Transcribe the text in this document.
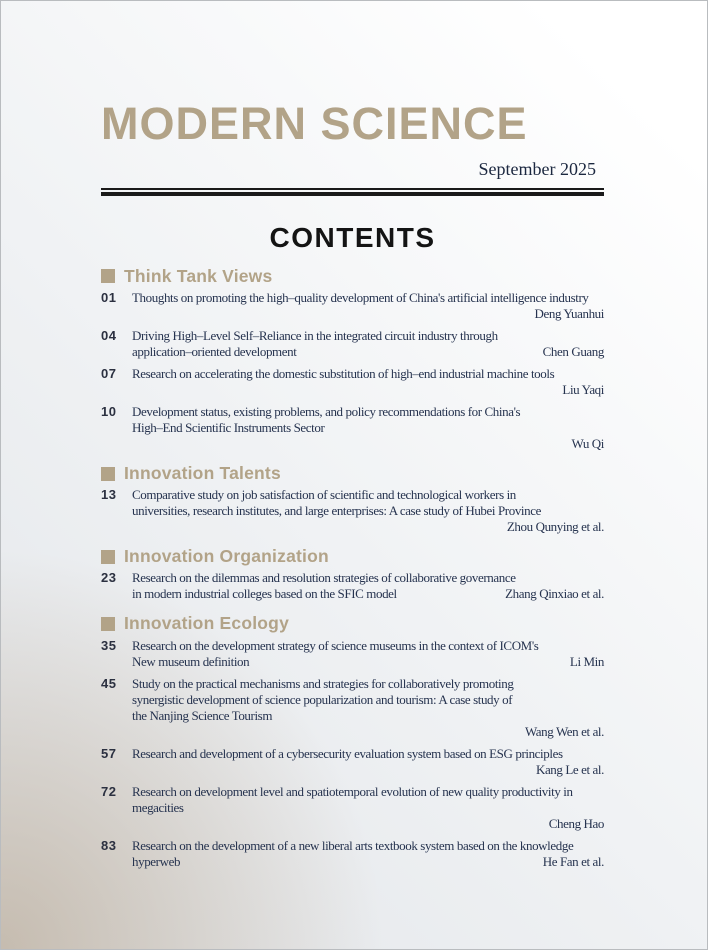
MODERN SCIENCE
September 2025
CONTENTS
Think Tank Views
01	Thoughts on promoting the high–quality development of China's artificial intelligence industry
Deng Yuanhui
04	Driving High–Level Self–Reliance in the integrated circuit industry through
application–oriented development	Chen Guang
07	Research on accelerating the domestic substitution of high–end industrial machine tools
Liu Yaqi
10	Development status, existing problems, and policy recommendations for China's
High–End Scientific Instruments Sector
Wu Qi
Innovation Talents
13	Comparative study on job satisfaction of scientific and technological workers in
universities, research institutes, and large enterprises: A case study of Hubei Province
Zhou Qunying et al.
Innovation Organization
23	Research on the dilemmas and resolution strategies of collaborative governance
in modern industrial colleges based on the SFIC model	Zhang Qinxiao et al.
Innovation Ecology
35	Research on the development strategy of science museums in the context of ICOM's
New museum definition	Li Min
45	Study on the practical mechanisms and strategies for collaboratively promoting
synergistic development of science popularization and tourism: A case study of
the Nanjing Science Tourism
Wang Wen et al.
57	Research and development of a cybersecurity evaluation system based on ESG principles
Kang Le et al.
72	Research on development level and spatiotemporal evolution of new quality productivity in
megacities
Cheng Hao
83	Research on the development of a new liberal arts textbook system based on the knowledge
hyperweb	He Fan et al.
